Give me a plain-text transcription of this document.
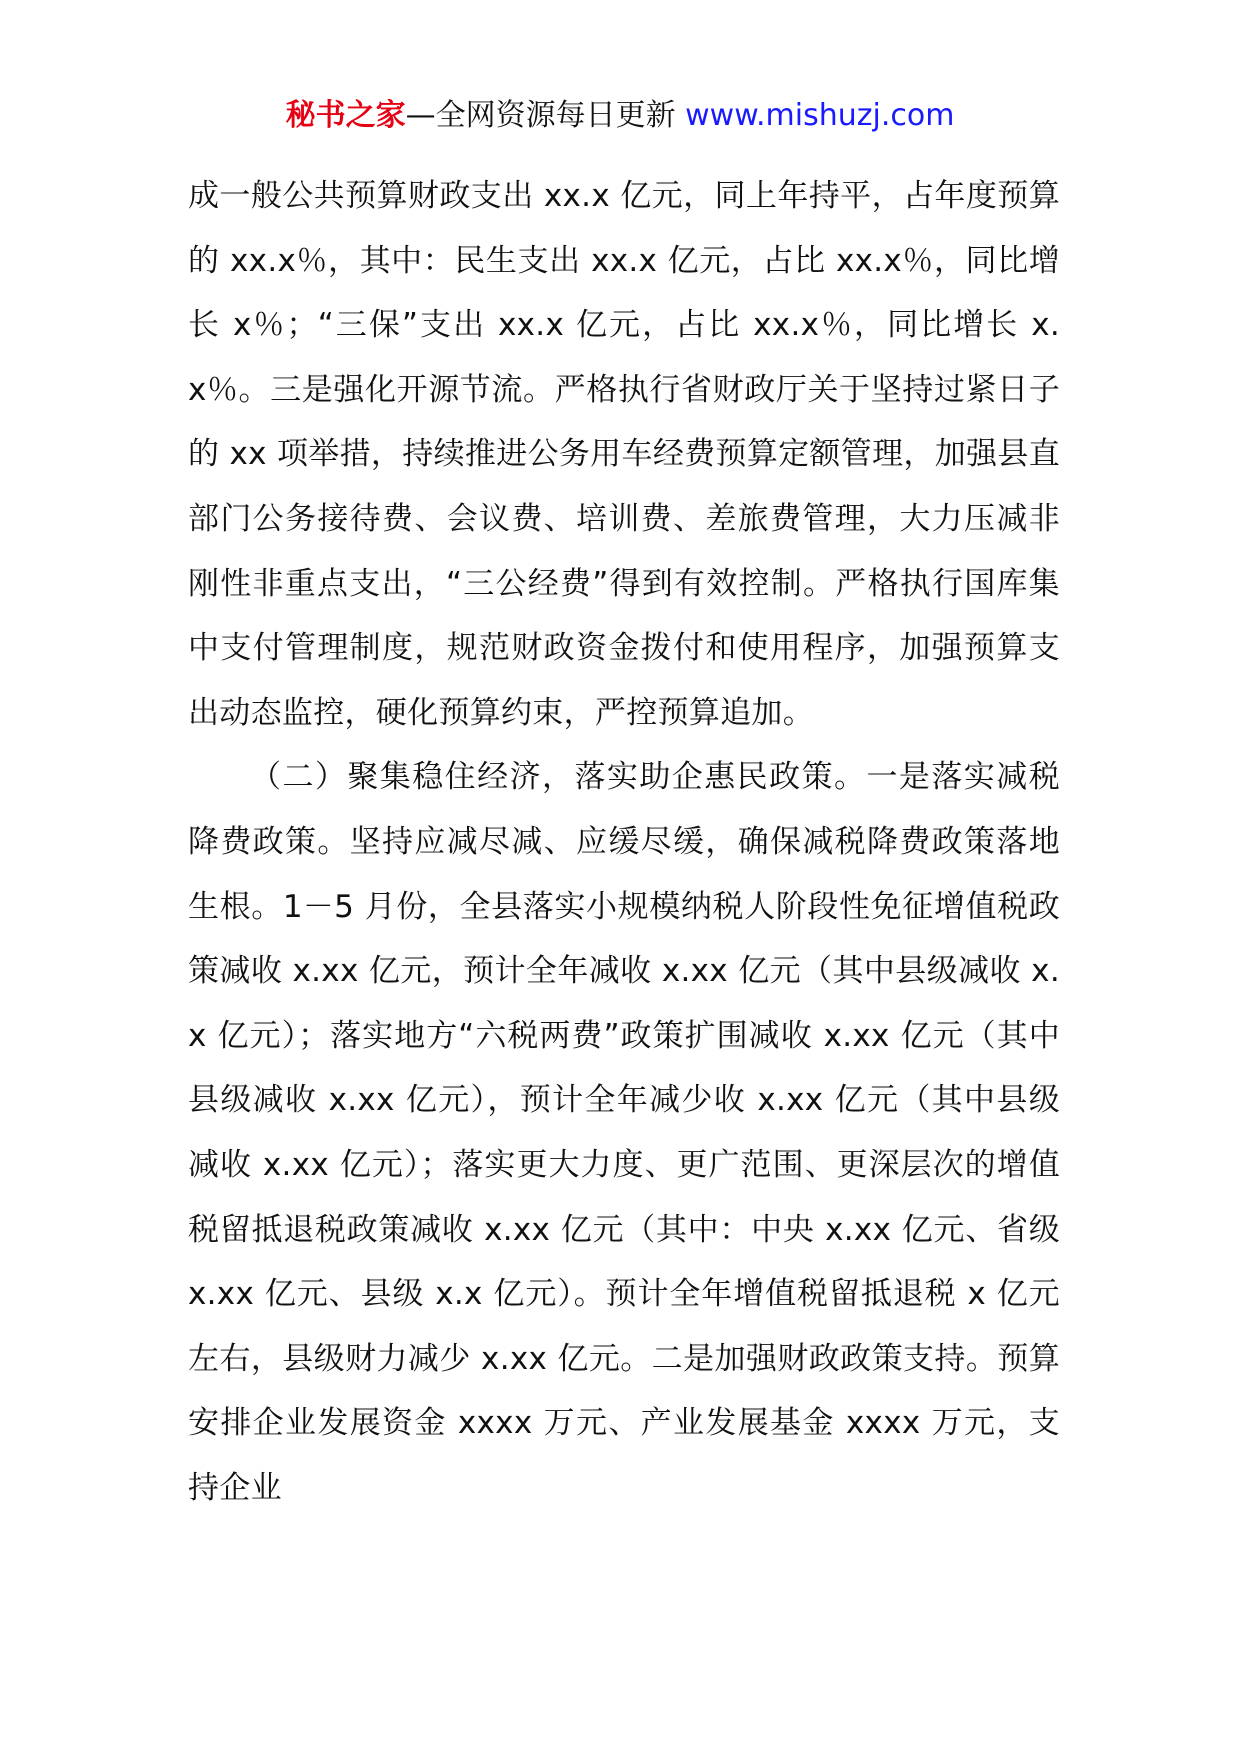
秘书之家—全网资源每日更新 www.mishuzj.com

成一般公共预算财政支出 xx.x 亿元，同上年持平，占年度预算的 xx.x％，其中：民生支出 xx.x 亿元，占比 xx.x％，同比增长 x％；“三保”支出 xx.x 亿元，占比 xx.x％，同比增长 x.x％。三是强化开源节流。严格执行省财政厅关于坚持过紧日子的 xx 项举措，持续推进公务用车经费预算定额管理，加强县直部门公务接待费、会议费、培训费、差旅费管理，大力压减非刚性非重点支出，“三公经费”得到有效控制。严格执行国库集中支付管理制度，规范财政资金拨付和使用程序，加强预算支出动态监控，硬化预算约束，严控预算追加。

（二）聚集稳住经济，落实助企惠民政策。一是落实减税降费政策。坚持应减尽减、应缓尽缓，确保减税降费政策落地生根。1－5 月份，全县落实小规模纳税人阶段性免征增值税政策减收 x.xx 亿元，预计全年减收 x.xx 亿元（其中县级减收 x.x 亿元）；落实地方“六税两费”政策扩围减收 x.xx 亿元（其中县级减收 x.xx 亿元），预计全年减少收 x.xx 亿元（其中县级减收 x.xx 亿元）；落实更大力度、更广范围、更深层次的增值税留抵退税政策减收 x.xx 亿元（其中：中央 x.xx 亿元、省级 x.xx 亿元、县级 x.x 亿元）。预计全年增值税留抵退税 x 亿元左右，县级财力减少 x.xx 亿元。二是加强财政政策支持。预算安排企业发展资金 xxxx 万元、产业发展基金 xxxx 万元，支持企业
